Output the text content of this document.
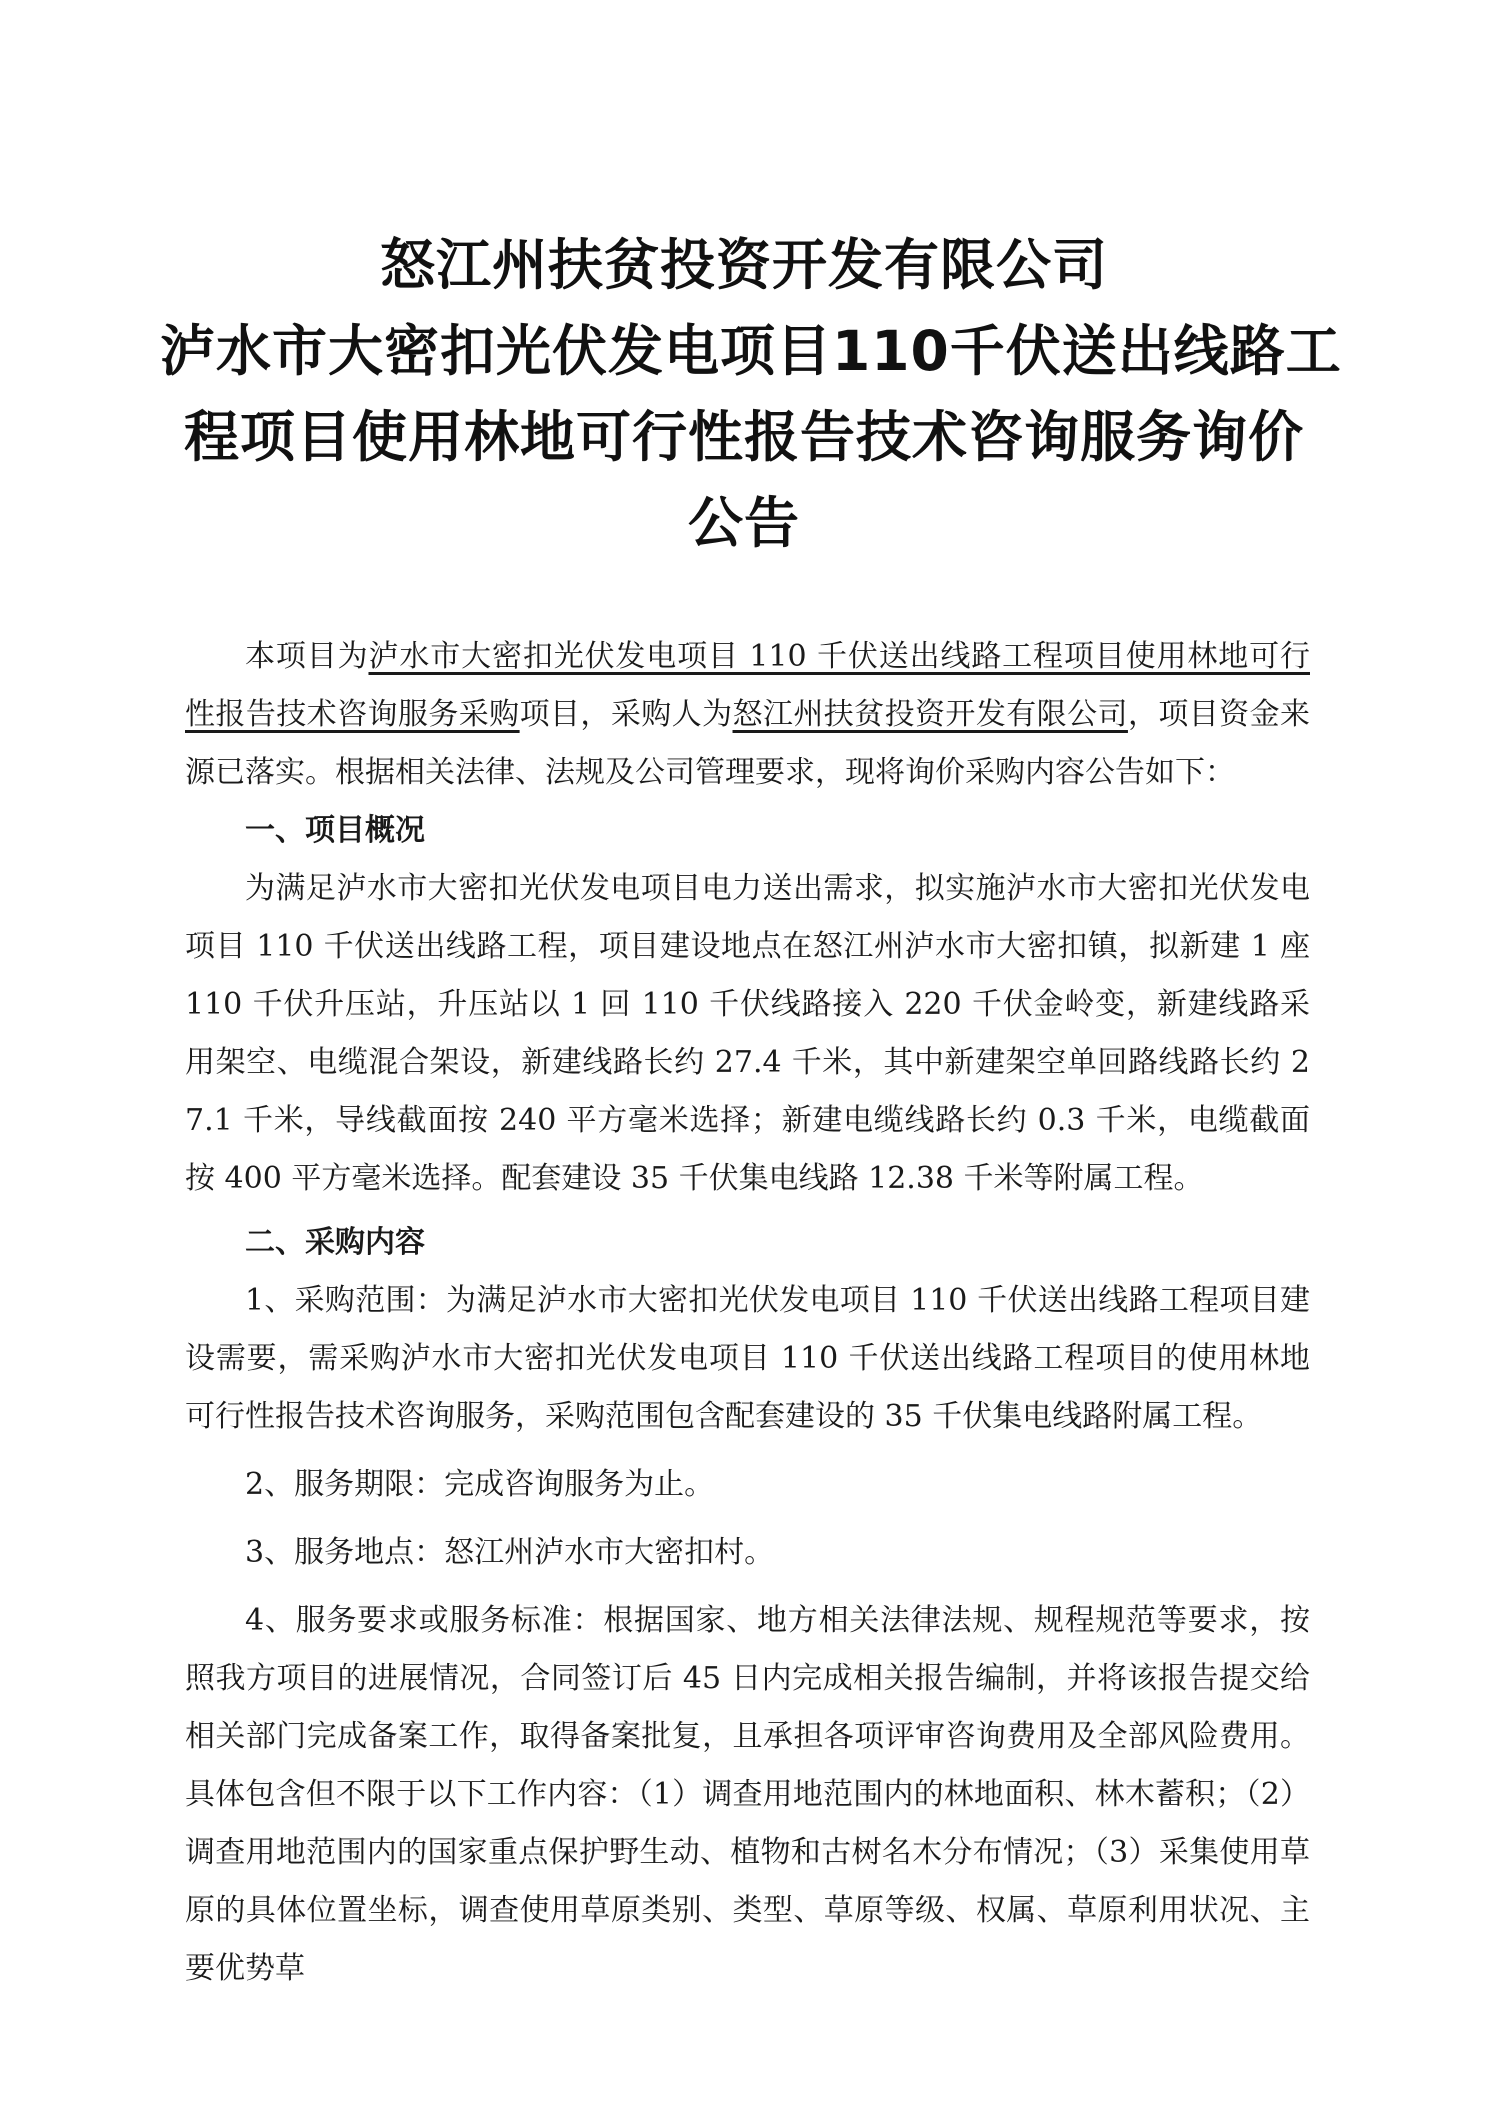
怒江州扶贫投资开发有限公司
泸水市大密扣光伏发电项目110千伏送出线路工
程项目使用林地可行性报告技术咨询服务询价
公告

本项目为泸水市大密扣光伏发电项目 110 千伏送出线路工程项目使用林地可行性报告技术咨询服务采购项目，采购人为怒江州扶贫投资开发有限公司，项目资金来源已落实。根据相关法律、法规及公司管理要求，现将询价采购内容公告如下：

一、项目概况

为满足泸水市大密扣光伏发电项目电力送出需求，拟实施泸水市大密扣光伏发电项目 110 千伏送出线路工程，项目建设地点在怒江州泸水市大密扣镇，拟新建 1 座 110 千伏升压站，升压站以 1 回 110 千伏线路接入 220 千伏金岭变，新建线路采用架空、电缆混合架设，新建线路长约 27.4 千米，其中新建架空单回路线路长约 27.1 千米，导线截面按 240 平方毫米选择；新建电缆线路长约 0.3 千米，电缆截面按 400 平方毫米选择。配套建设 35 千伏集电线路 12.38 千米等附属工程。

二、采购内容

1、采购范围：为满足泸水市大密扣光伏发电项目 110 千伏送出线路工程项目建设需要，需采购泸水市大密扣光伏发电项目 110 千伏送出线路工程项目的使用林地可行性报告技术咨询服务，采购范围包含配套建设的 35 千伏集电线路附属工程。

2、服务期限：完成咨询服务为止。

3、服务地点：怒江州泸水市大密扣村。

4、服务要求或服务标准：根据国家、地方相关法律法规、规程规范等要求，按照我方项目的进展情况，合同签订后 45 日内完成相关报告编制，并将该报告提交给相关部门完成备案工作，取得备案批复，且承担各项评审咨询费用及全部风险费用。具体包含但不限于以下工作内容：（1）调查用地范围内的林地面积、林木蓄积；（2）调查用地范围内的国家重点保护野生动、植物和古树名木分布情况；（3）采集使用草原的具体位置坐标，调查使用草原类别、类型、草原等级、权属、草原利用状况、主要优势草
